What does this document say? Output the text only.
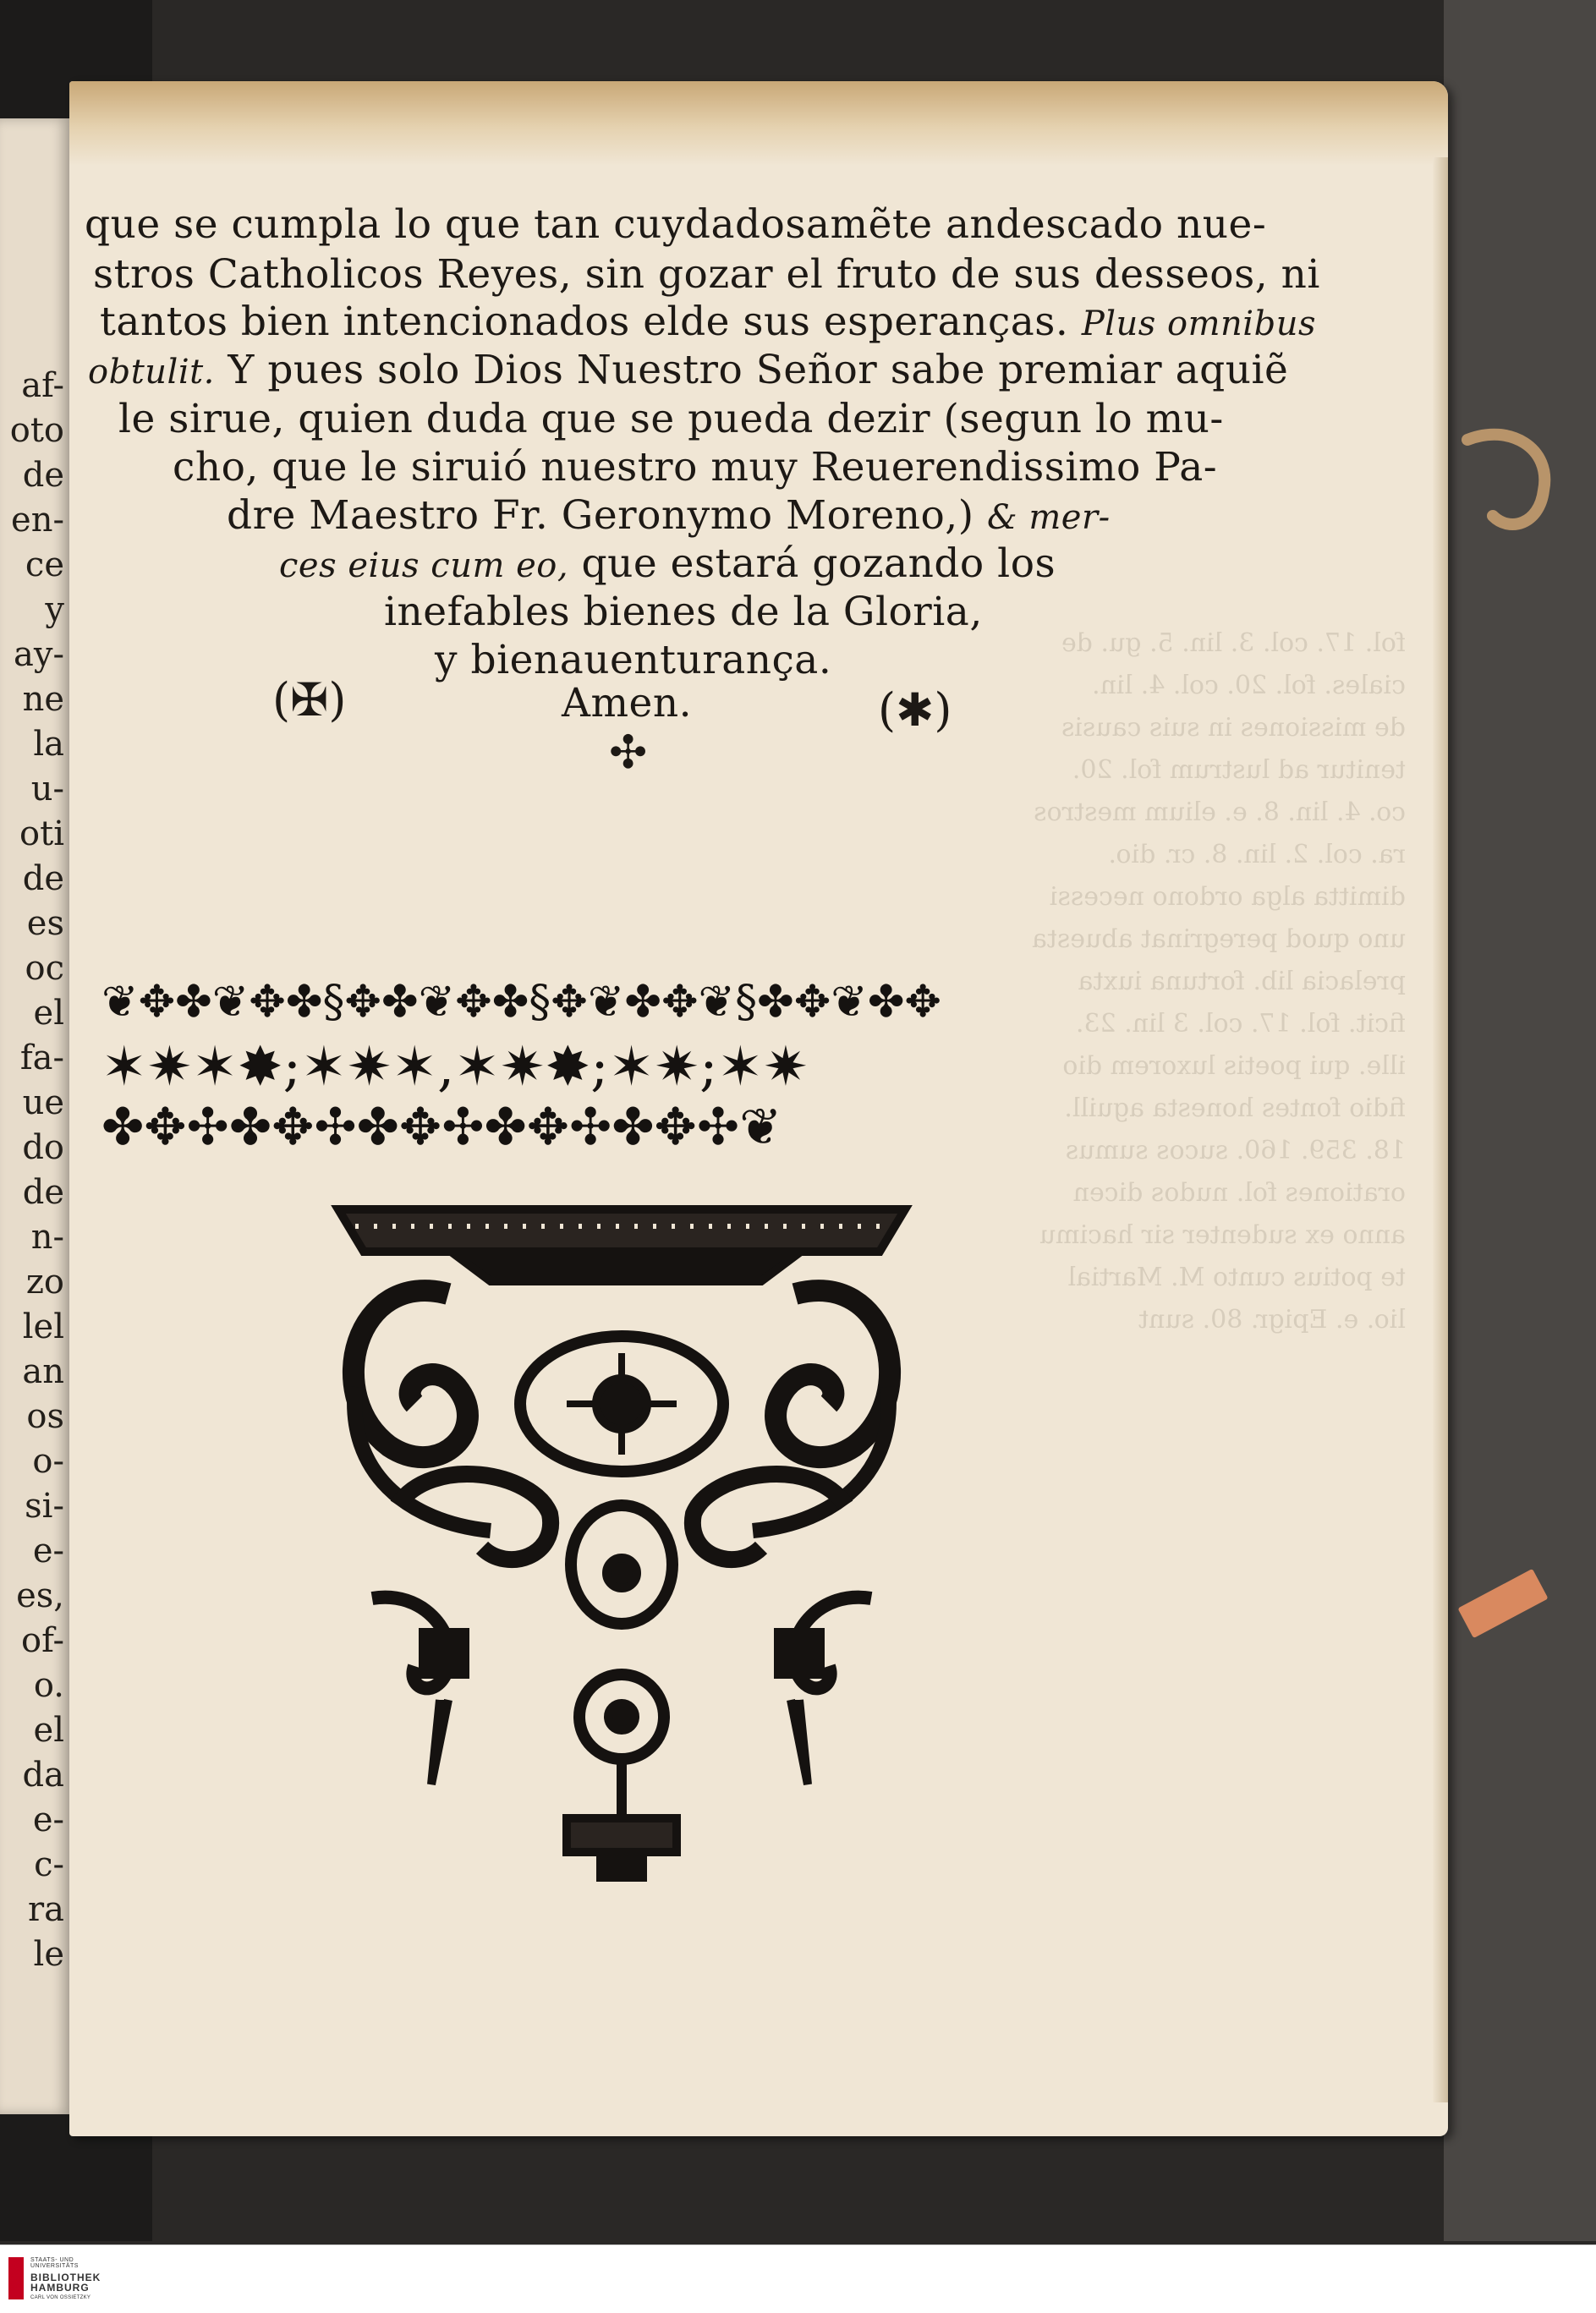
af-
oto
de
en-
ce
y
ay-
ne
la
u-
oti
de
es
oc
el
fa-
ue
do
de
n-
zo
lel
an
os
o-
si-
e-
es,
of-
o.
el
da
e-
c-
ra
le
fol. 17. col. 3. lin. 5. gu. de
ciales. fol. 20. col. 4. lin.
de missiones in suis causis
tenitur ad lustrum fol. 20.
co. 4. lin. 8. e. elium mestros
ra. col. 2. lin. 8. cr. dio.
dimitta alga ordono necessi
uno quod peregrinat abuesta
prelacia lib. fortuna iuxta
ficit. fol. 17. col. 3 lin. 23.
ille. qui poetis luxorem dio
fidio fontes honesta aguill.
18. 359. 160. sucos sumus
orationes fol. nudos dicen
anno ex sudenter sir hacimu
te potius cunto M. Martial
lio. e. Epigr. 80. sunt
que se cumpla lo que tan cuydadosamẽte andescado nue-
stros Catholicos Reyes, sin gozar el fruto de sus desseos, ni
tantos bien intencionados elde sus esperanças. Plus omnibus
obtulit. Y pues solo Dios Nuestro Señor sabe premiar aquiẽ
le sirue, quien duda que se pueda dezir (segun lo mu-
cho, que le siruió nuestro muy Reuerendissimo Pa-
dre Maestro Fr. Geronymo Moreno,) & mer-
ces eius cum eo, que estará gozando los
inefables bienes de la Gloria,
y bienauenturança.
(✠)	Amen.	(✱)
✣
❦✥✤❦✥✤§✥✤❦✥✤§✥❦✤✥❦§✤✥❦✤✥
✶✷✶✸;✶✷✶,✶✷✸;✶✷;✶✷
✤✥✣✤✥✣✤✥✣✤✥✣✤✥✣❦
STAATS- UND UNIVERSITÄTS
BIBLIOTHEK
HAMBURG
CARL VON OSSIETZKY
